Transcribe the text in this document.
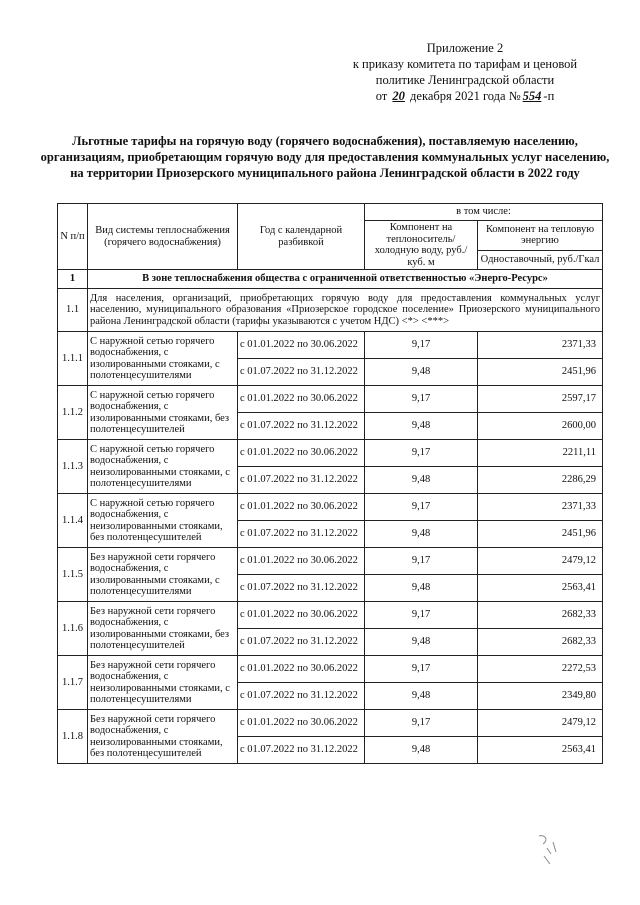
Приложение 2
к приказу комитета по тарифам и ценовой
политике Ленинградской области
от 20 декабря 2021 года № 554 -п
Льготные тарифы на горячую воду (горячего водоснабжения), поставляемую населению, организациям, приобретающим горячую воду для предоставления коммунальных услуг населению, на территории Приозерского муниципального района Ленинградской области в 2022 году
N п/п	Вид системы теплоснабжения (горячего водоснабжения)	Год с календарной разбивкой	в том числе:	
			Компонент на теплоноситель/холодную воду, руб./куб. м	Компонент на тепловую энергию
				Одноставочный, руб./Гкал
1	В зоне теплоснабжения общества с ограниченной ответственностью «Энерго-Ресурс»			
1.1	Для населения, организаций, приобретающих горячую воду для предоставления коммунальных услуг населению, муниципального образования «Приозерское городское поселение» Приозерского муниципального района Ленинградской области (тарифы указываются с учетом НДС) <*> <***>			
1.1.1	С наружной сетью горячего водоснабжения, с изолированными стояками, с полотенцесушителями	с 01.01.2022 по 30.06.2022	9,17	2371,33
		с 01.07.2022 по 31.12.2022	9,48	2451,96
1.1.2	С наружной сетью горячего водоснабжения, с изолированными стояками, без полотенцесушителей	с 01.01.2022 по 30.06.2022	9,17	2597,17
		с 01.07.2022 по 31.12.2022	9,48	2600,00
1.1.3	С наружной сетью горячего водоснабжения, с неизолированными стояками, с полотенцесушителями	с 01.01.2022 по 30.06.2022	9,17	2211,11
		с 01.07.2022 по 31.12.2022	9,48	2286,29
1.1.4	С наружной сетью горячего водоснабжения, с неизолированными стояками, без полотенцесушителей	с 01.01.2022 по 30.06.2022	9,17	2371,33
		с 01.07.2022 по 31.12.2022	9,48	2451,96
1.1.5	Без наружной сети горячего водоснабжения, с изолированными стояками, с полотенцесушителями	с 01.01.2022 по 30.06.2022	9,17	2479,12
		с 01.07.2022 по 31.12.2022	9,48	2563,41
1.1.6	Без наружной сети горячего водоснабжения, с изолированными стояками, без полотенцесушителей	с 01.01.2022 по 30.06.2022	9,17	2682,33
		с 01.07.2022 по 31.12.2022	9,48	2682,33
1.1.7	Без наружной сети горячего водоснабжения, с неизолированными стояками, с полотенцесушителями	с 01.01.2022 по 30.06.2022	9,17	2272,53
		с 01.07.2022 по 31.12.2022	9,48	2349,80
1.1.8	Без наружной сети горячего водоснабжения, с неизолированными стояками, без полотенцесушителей	с 01.01.2022 по 30.06.2022	9,17	2479,12
		с 01.07.2022 по 31.12.2022	9,48	2563,41
